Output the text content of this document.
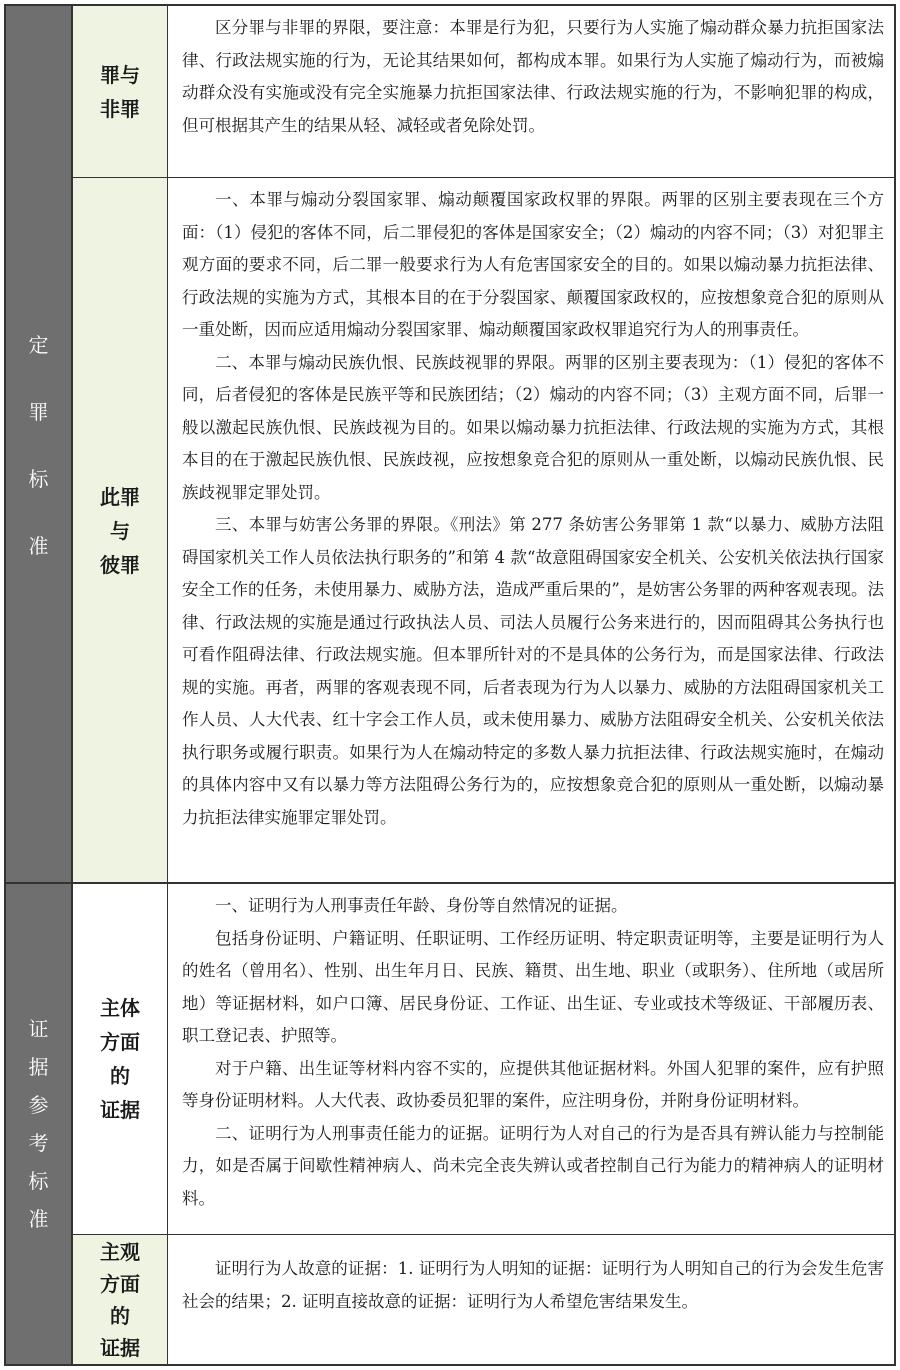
定
罪
标
准
罪与
非罪

区分罪与非罪的界限，要注意：本罪是行为犯，只要行为人实施了煽动群众暴力抗拒国家法律、行政法规实施的行为，无论其结果如何，都构成本罪。如果行为人实施了煽动行为，而被煽动群众没有实施或没有完全实施暴力抗拒国家法律、行政法规实施的行为，不影响犯罪的构成，但可根据其产生的结果从轻、减轻或者免除处罚。

此罪
与
彼罪

一、本罪与煽动分裂国家罪、煽动颠覆国家政权罪的界限。两罪的区别主要表现在三个方面：（1）侵犯的客体不同，后二罪侵犯的客体是国家安全；（2）煽动的内容不同；（3）对犯罪主观方面的要求不同，后二罪一般要求行为人有危害国家安全的目的。如果以煽动暴力抗拒法律、行政法规的实施为方式，其根本目的在于分裂国家、颠覆国家政权的，应按想象竞合犯的原则从一重处断，因而应适用煽动分裂国家罪、煽动颠覆国家政权罪追究行为人的刑事责任。

二、本罪与煽动民族仇恨、民族歧视罪的界限。两罪的区别主要表现为：（1）侵犯的客体不同，后者侵犯的客体是民族平等和民族团结；（2）煽动的内容不同；（3）主观方面不同，后罪一般以激起民族仇恨、民族歧视为目的。如果以煽动暴力抗拒法律、行政法规的实施为方式，其根本目的在于激起民族仇恨、民族歧视，应按想象竞合犯的原则从一重处断，以煽动民族仇恨、民族歧视罪定罪处罚。

三、本罪与妨害公务罪的界限。《刑法》第 277 条妨害公务罪第 1 款“以暴力、威胁方法阻碍国家机关工作人员依法执行职务的”和第 4 款“故意阻碍国家安全机关、公安机关依法执行国家安全工作的任务，未使用暴力、威胁方法，造成严重后果的”，是妨害公务罪的两种客观表现。法律、行政法规的实施是通过行政执法人员、司法人员履行公务来进行的，因而阻碍其公务执行也可看作阻碍法律、行政法规实施。但本罪所针对的不是具体的公务行为，而是国家法律、行政法规的实施。再者，两罪的客观表现不同，后者表现为行为人以暴力、威胁的方法阻碍国家机关工作人员、人大代表、红十字会工作人员，或未使用暴力、威胁方法阻碍安全机关、公安机关依法执行职务或履行职责。如果行为人在煽动特定的多数人暴力抗拒法律、行政法规实施时，在煽动的具体内容中又有以暴力等方法阻碍公务行为的，应按想象竞合犯的原则从一重处断，以煽动暴力抗拒法律实施罪定罪处罚。

证
据
参
考
标
准
主体
方面
的
证据

一、证明行为人刑事责任年龄、身份等自然情况的证据。

包括身份证明、户籍证明、任职证明、工作经历证明、特定职责证明等，主要是证明行为人的姓名（曾用名）、性别、出生年月日、民族、籍贯、出生地、职业（或职务）、住所地（或居所地）等证据材料，如户口簿、居民身份证、工作证、出生证、专业或技术等级证、干部履历表、职工登记表、护照等。

对于户籍、出生证等材料内容不实的，应提供其他证据材料。外国人犯罪的案件，应有护照等身份证明材料。人大代表、政协委员犯罪的案件，应注明身份，并附身份证明材料。

二、证明行为人刑事责任能力的证据。证明行为人对自己的行为是否具有辨认能力与控制能力，如是否属于间歇性精神病人、尚未完全丧失辨认或者控制自己行为能力的精神病人的证明材料。

主观
方面
的
证据

证明行为人故意的证据：1. 证明行为人明知的证据：证明行为人明知自己的行为会发生危害社会的结果；2. 证明直接故意的证据：证明行为人希望危害结果发生。
